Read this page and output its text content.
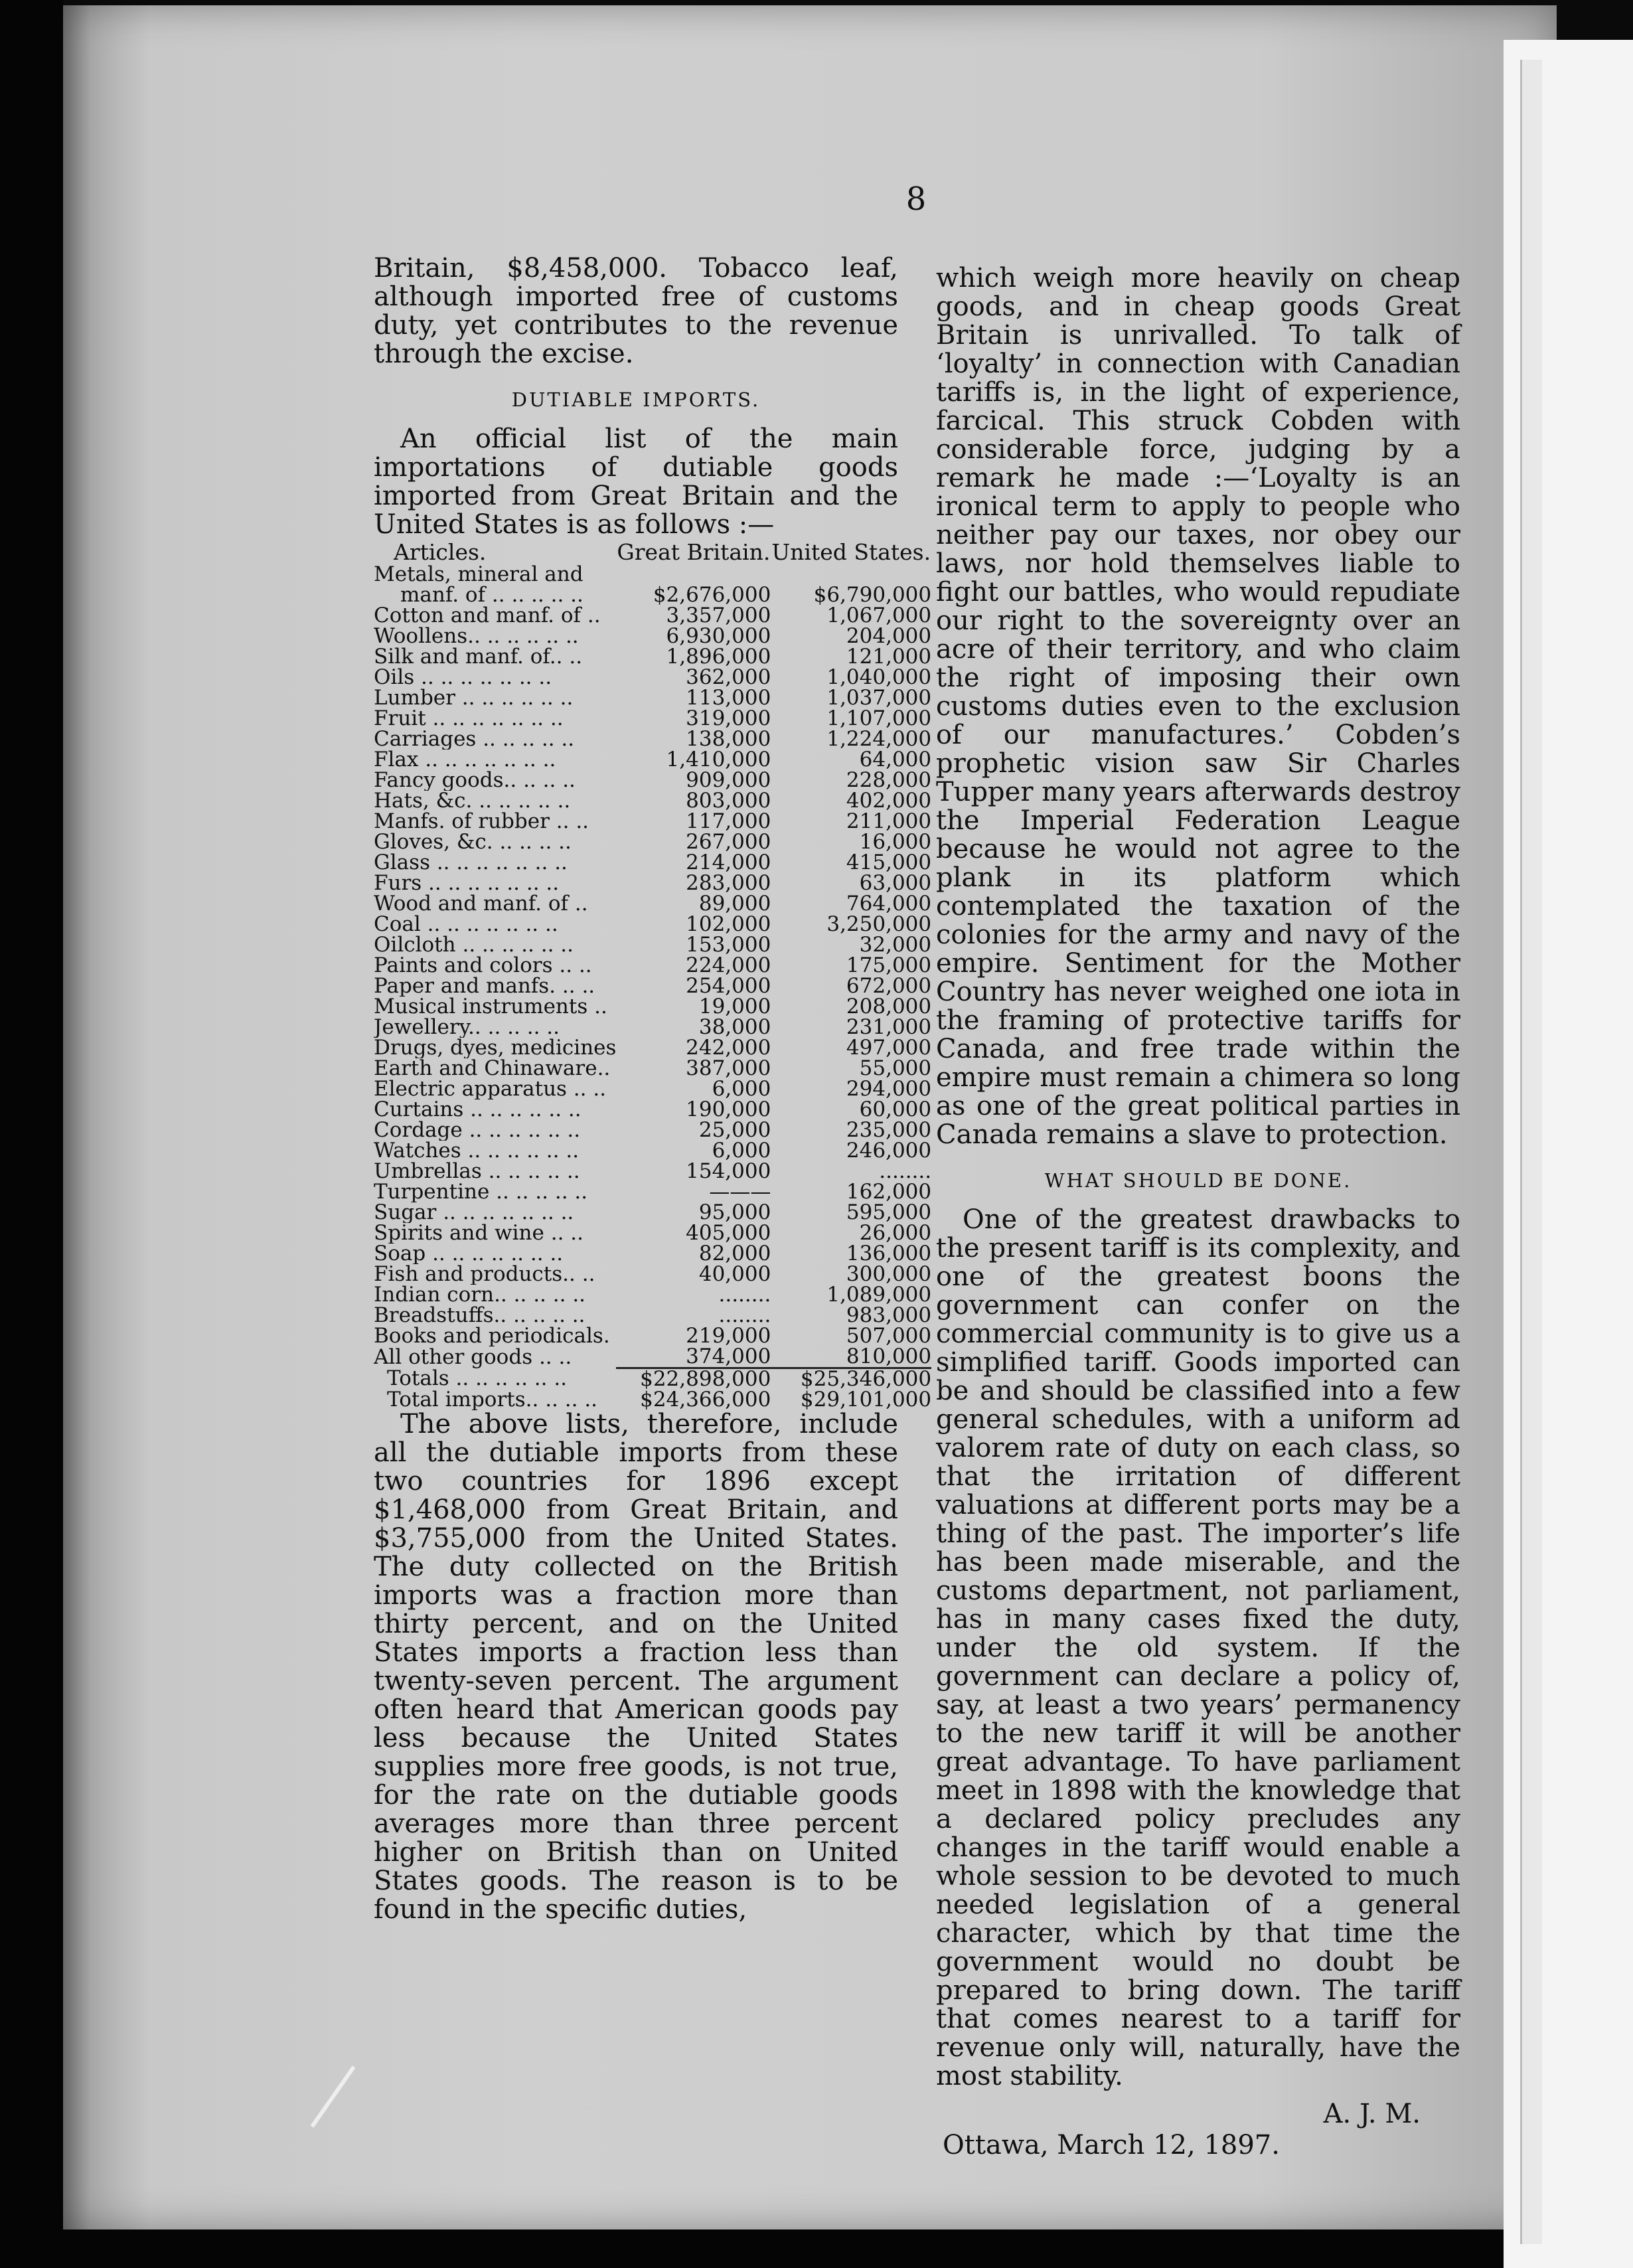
8

Britain, $8,458,000. Tobacco leaf, although imported free of customs duty, yet contributes to the revenue through the excise.

DUTIABLE IMPORTS.

An official list of the main importations of dutiable goods imported from Great Britain and the United States is as follows :—

Articles.	Great Britain.	United States.
Metals, mineral and		
manf. of .. .. .. .. ..	$2,676,000	$6,790,000
Cotton and manf. of ..	3,357,000	1,067,000
Woollens.. .. .. .. .. ..	6,930,000	204,000
Silk and manf. of.. ..	1,896,000	121,000
Oils .. .. .. .. .. .. ..	362,000	1,040,000
Lumber .. .. .. .. .. ..	113,000	1,037,000
Fruit .. .. .. .. .. .. ..	319,000	1,107,000
Carriages .. .. .. .. ..	138,000	1,224,000
Flax .. .. .. .. .. .. ..	1,410,000	64,000
Fancy goods.. .. .. ..	909,000	228,000
Hats, &c. .. .. .. .. ..	803,000	402,000
Manfs. of rubber .. ..	117,000	211,000
Gloves, &c. .. .. .. ..	267,000	16,000
Glass .. .. .. .. .. .. ..	214,000	415,000
Furs .. .. .. .. .. .. ..	283,000	63,000
Wood and manf. of ..	89,000	764,000
Coal .. .. .. .. .. .. ..	102,000	3,250,000
Oilcloth .. .. .. .. .. ..	153,000	32,000
Paints and colors .. ..	224,000	175,000
Paper and manfs. .. ..	254,000	672,000
Musical instruments ..	19,000	208,000
Jewellery.. .. .. .. ..	38,000	231,000
Drugs, dyes, medicines	242,000	497,000
Earth and Chinaware..	387,000	55,000
Electric apparatus .. ..	6,000	294,000
Curtains .. .. .. .. .. ..	190,000	60,000
Cordage .. .. .. .. .. ..	25,000	235,000
Watches .. .. .. .. .. ..	6,000	246,000
Umbrellas .. .. .. .. ..	154,000	........
Turpentine .. .. .. .. ..	———	162,000
Sugar .. .. .. .. .. .. ..	95,000	595,000
Spirits and wine .. ..	405,000	26,000
Soap .. .. .. .. .. .. ..	82,000	136,000
Fish and products.. ..	40,000	300,000
Indian corn.. .. .. .. ..	........	1,089,000
Breadstuffs.. .. .. .. ..	........	983,000
Books and periodicals.	219,000	507,000
All other goods .. ..	374,000	810,000
Totals .. .. .. .. .. ..	$22,898,000	$25,346,000
Total imports.. .. .. ..	$24,366,000	$29,101,000

The above lists, therefore, include all the dutiable imports from these two countries for 1896 except $1,468,000 from Great Britain, and $3,755,000 from the United States. The duty collected on the British imports was a fraction more than thirty percent, and on the United States imports a fraction less than twenty-seven percent. The argument often heard that American goods pay less because the United States supplies more free goods, is not true, for the rate on the dutiable goods averages more than three percent higher on British than on United States goods. The reason is to be found in the specific duties,

which weigh more heavily on cheap goods, and in cheap goods Great Britain is unrivalled. To talk of ‘loyalty’ in connection with Canadian tariffs is, in the light of experience, farcical. This struck Cobden with considerable force, judging by a remark he made :—‘Loyalty is an ironical term to apply to people who neither pay our taxes, nor obey our laws, nor hold themselves liable to fight our battles, who would repudiate our right to the sovereignty over an acre of their territory, and who claim the right of imposing their own customs duties even to the exclusion of our manufactures.’ Cobden’s prophetic vision saw Sir Charles Tupper many years afterwards destroy the Imperial Federation League because he would not agree to the plank in its platform which contemplated the taxation of the colonies for the army and navy of the empire. Sentiment for the Mother Country has never weighed one iota in the framing of protective tariffs for Canada, and free trade within the empire must remain a chimera so long as one of the great political parties in Canada remains a slave to protection.

WHAT SHOULD BE DONE.

One of the greatest drawbacks to the present tariff is its complexity, and one of the greatest boons the government can confer on the commercial community is to give us a simplified tariff. Goods imported can be and should be classified into a few general schedules, with a uniform ad valorem rate of duty on each class, so that the irritation of different valuations at different ports may be a thing of the past. The importer’s life has been made miserable, and the customs department, not parliament, has in many cases fixed the duty, under the old system. If the government can declare a policy of, say, at least a two years’ permanency to the new tariff it will be another great advantage. To have parliament meet in 1898 with the knowledge that a declared policy precludes any changes in the tariff would enable a whole session to be devoted to much needed legislation of a general character, which by that time the government would no doubt be prepared to bring down. The tariff that comes nearest to a tariff for revenue only will, naturally, have the most stability.

A. J. M.
Ottawa, March 12, 1897.
